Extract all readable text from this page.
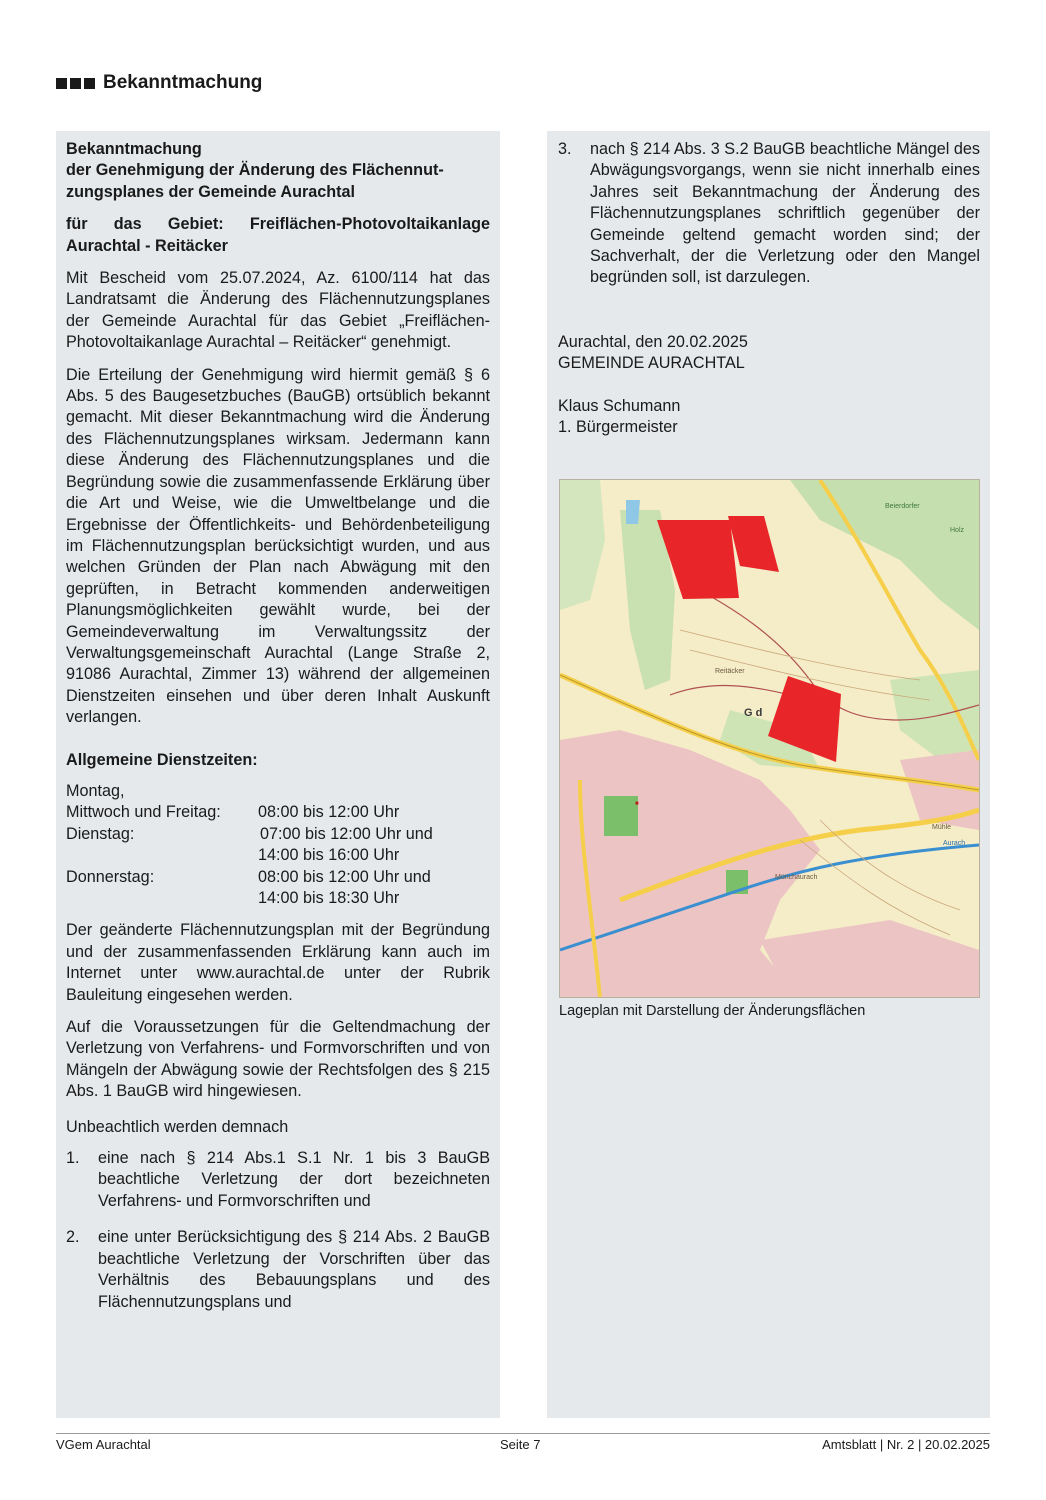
Bekanntmachung

Bekanntmachung
der Genehmigung der Änderung des Flächennut-
zungsplanes der Gemeinde Aurachtal

für das Gebiet: Freiflächen-Photovoltaikanlage
Aurachtal - Reitäcker

Mit Bescheid vom 25.07.2024, Az. 6100/114 hat das Landratsamt die Änderung des Flächennutzungsplanes der Gemeinde Aurachtal für das Gebiet „Freiflächen-Photovoltaikanlage Aurachtal – Reitäcker“ genehmigt.

Die Erteilung der Genehmigung wird hiermit gemäß § 6 Abs. 5 des Baugesetzbuches (BauGB) ortsüblich bekannt gemacht. Mit dieser Bekanntmachung wird die Änderung des Flächennutzungsplanes wirksam. Jedermann kann diese Änderung des Flächennutzungsplanes und die Begründung sowie die zusammenfassende Erklärung über die Art und Weise, wie die Umweltbelange und die Ergebnisse der Öffentlichkeits- und Behördenbeteiligung im Flächennutzungsplan berücksichtigt wurden, und aus welchen Gründen der Plan nach Abwägung mit den geprüften, in Betracht kommenden anderweitigen Planungsmöglichkeiten gewählt wurde, bei der Gemeindeverwaltung im Verwaltungssitz der Verwaltungsgemeinschaft Aurachtal (Lange Straße 2, 91086 Aurachtal, Zimmer 13) während der allgemeinen Dienstzeiten einsehen und über deren Inhalt Auskunft verlangen.

Allgemeine Dienstzeiten:

Montag,
Mittwoch und Freitag:	08:00 bis 12:00 Uhr
Dienstag:	07:00 bis 12:00 Uhr und
14:00 bis 16:00 Uhr
Donnerstag:	08:00 bis 12:00 Uhr und
14:00 bis 18:30 Uhr

Der geänderte Flächennutzungsplan mit der Begründung und der zusammenfassenden Erklärung kann auch im Internet unter www.aurachtal.de unter der Rubrik Bauleitung eingesehen werden.

Auf die Voraussetzungen für die Geltendmachung der Verletzung von Verfahrens- und Formvorschriften und von Mängeln der Abwägung sowie der Rechtsfolgen des § 215 Abs. 1 BauGB wird hingewiesen.

Unbeachtlich werden demnach

1.	eine nach § 214 Abs.1 S.1 Nr. 1 bis 3 BauGB beachtliche Verletzung der dort bezeichneten Verfahrens- und Formvorschriften und
2.	eine unter Berücksichtigung des § 214 Abs. 2 BauGB beachtliche Verletzung der Vorschriften über das Verhältnis des Bebauungsplans und des Flächennutzungsplans und
3.	nach § 214 Abs. 3 S.2 BauGB beachtliche Mängel des Abwägungsvorgangs, wenn sie nicht innerhalb eines Jahres seit Bekanntmachung der Änderung des Flächennutzungsplanes schriftlich gegenüber der Gemeinde geltend gemacht worden sind; der Sachverhalt, der die Verletzung oder den Mangel begründen soll, ist darzulegen.

Aurachtal, den 20.02.2025
GEMEINDE AURACHTAL

Klaus Schumann
1. Bürgermeister

Reitäcker
G d
Münchaurach
Aurach
Beierdorfer
Holz
Mühle
■
Lageplan mit Darstellung der Änderungsflächen
VGem Aurachtal	Seite 7	Amtsblatt | Nr. 2 | 20.02.2025
